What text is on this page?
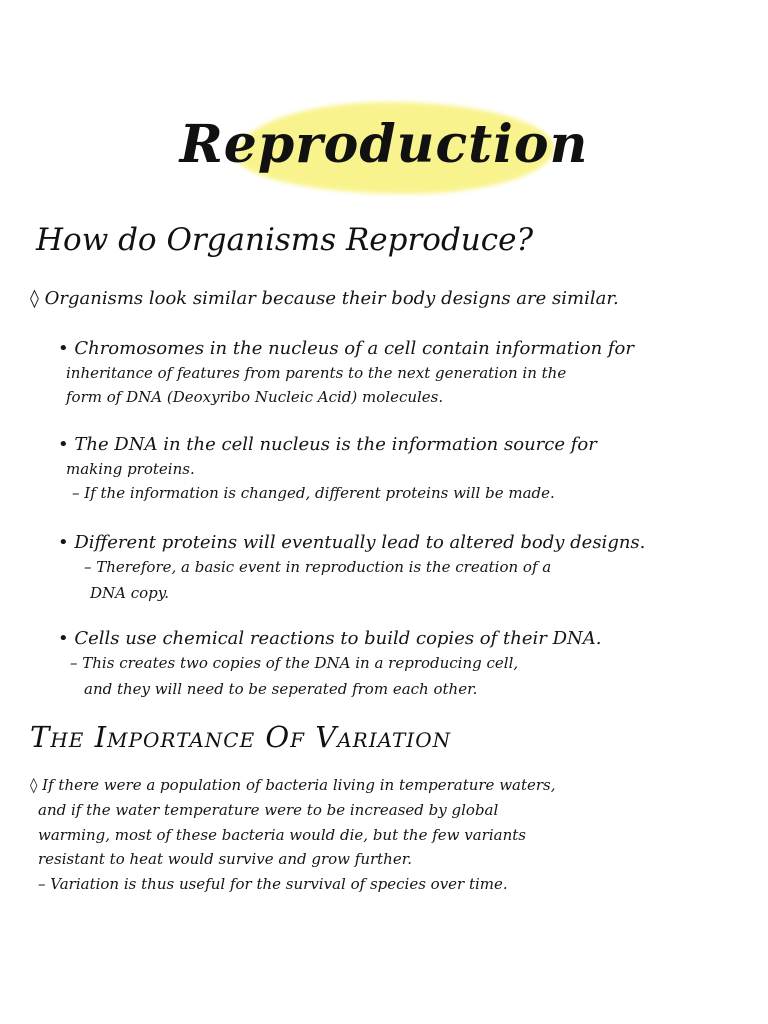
Reproduction
How do Organisms Reproduce?
◊ Organisms look similar because their body designs are similar.
• Chromosomes in the nucleus of a cell contain information for
inheritance of features from parents to the next generation in the
form of DNA (Deoxyribo Nucleic Acid) molecules.
• The DNA in the cell nucleus is the information source for
making proteins.
– If the information is changed, different proteins will be made.
• Different proteins will eventually lead to altered body designs.
– Therefore, a basic event in reproduction is the creation of a
DNA copy.
• Cells use chemical reactions to build copies of their DNA.
– This creates two copies of the DNA in a reproducing cell,
and they will need to be seperated from each other.
The Importance Of Variation
◊ If there were a population of bacteria living in temperature waters,
and if the water temperature were to be increased by global
warming, most of these bacteria would die, but the few variants
resistant to heat would survive and grow further.
– Variation is thus useful for the survival of species over time.
